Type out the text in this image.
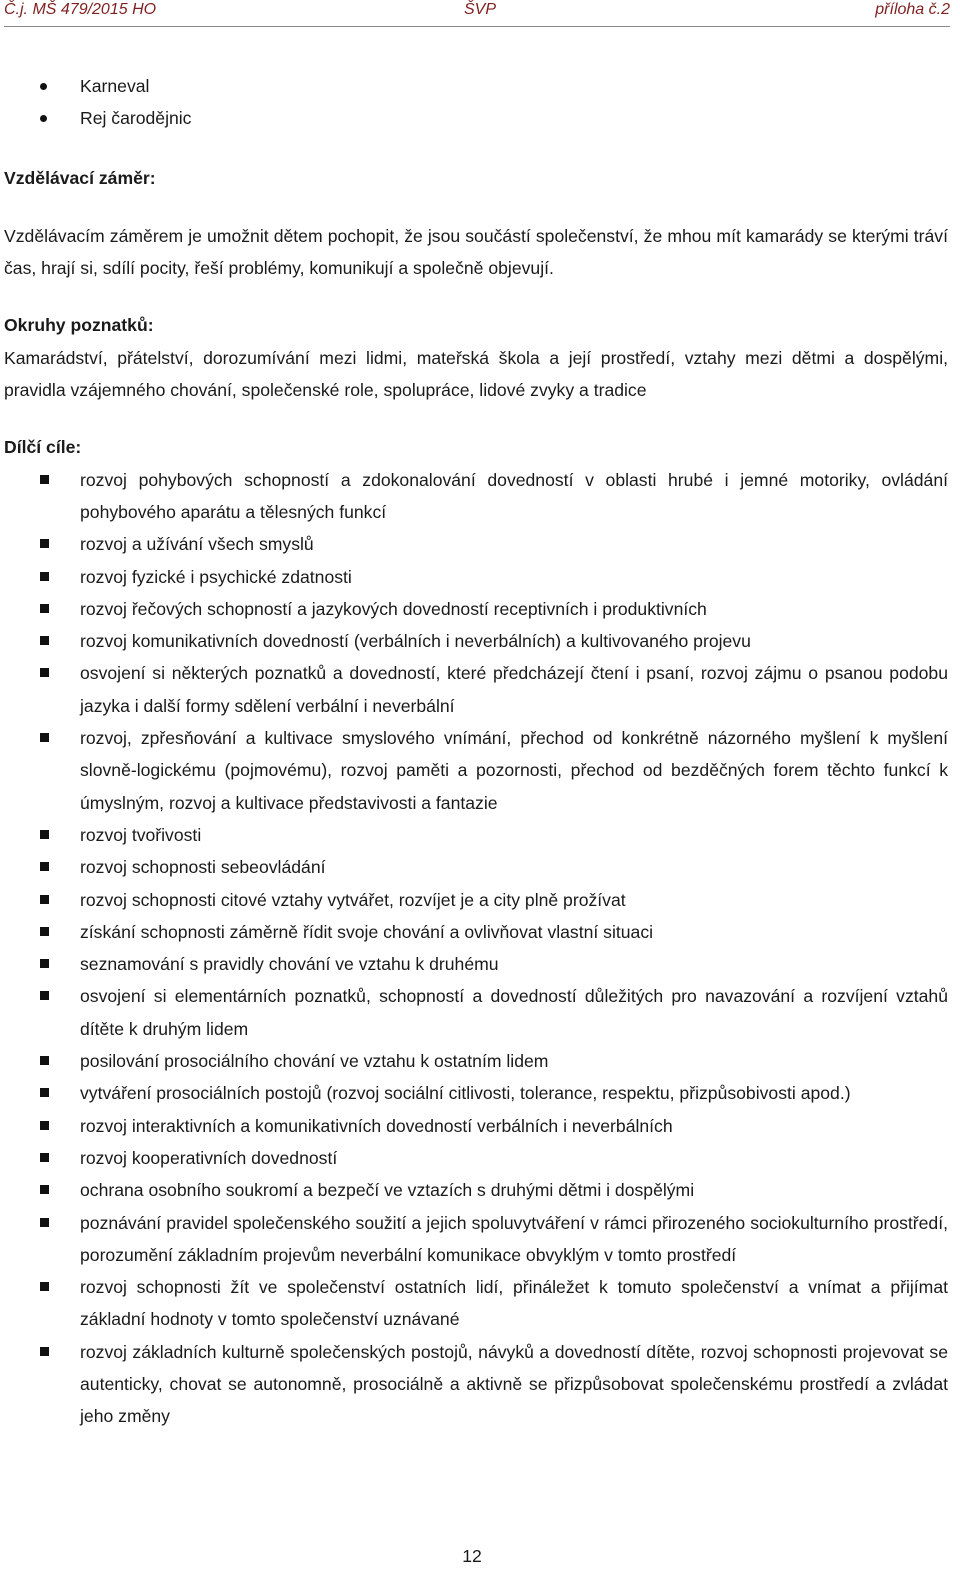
Č.j. MŠ 479/2015 HO	ŠVP	příloha č.2
Karneval
Rej čarodějnic

Vzdělávací záměr:

Vzdělávacím záměrem je umožnit dětem pochopit, že jsou součástí společenství, že mhou mít kamarády se kterými tráví čas, hrají si, sdílí pocity, řeší problémy, komunikují a společně objevují.

Okruhy poznatků:

Kamarádství, přátelství, dorozumívání mezi lidmi, mateřská škola a její prostředí, vztahy mezi dětmi a dospělými, pravidla vzájemného chování, společenské role, spolupráce, lidové zvyky a tradice

Dílčí cíle:

rozvoj pohybových schopností a zdokonalování dovedností v oblasti hrubé i jemné motoriky, ovládání pohybového aparátu a tělesných funkcí
rozvoj a užívání všech smyslů
rozvoj fyzické i psychické zdatnosti
rozvoj řečových schopností a jazykových dovedností receptivních i produktivních
rozvoj komunikativních dovedností (verbálních i neverbálních) a kultivovaného projevu
osvojení si některých poznatků a dovedností, které předcházejí čtení i psaní, rozvoj zájmu o psanou podobu jazyka i další formy sdělení verbální i neverbální
rozvoj, zpřesňování a kultivace smyslového vnímání, přechod od konkrétně názorného myšlení k myšlení slovně-logickému (pojmovému), rozvoj paměti a pozornosti, přechod od bezděčných forem těchto funkcí k úmyslným, rozvoj a kultivace představivosti a fantazie
rozvoj tvořivosti
rozvoj schopnosti sebeovládání
rozvoj schopnosti citové vztahy vytvářet, rozvíjet je a city plně prožívat
získání schopnosti záměrně řídit svoje chování a ovlivňovat vlastní situaci
seznamování s pravidly chování ve vztahu k druhému
osvojení si elementárních poznatků, schopností a dovedností důležitých pro navazování a rozvíjení vztahů dítěte k druhým lidem
posilování prosociálního chování ve vztahu k ostatním lidem
vytváření prosociálních postojů (rozvoj sociální citlivosti, tolerance, respektu, přizpůsobivosti apod.)
rozvoj interaktivních a komunikativních dovedností verbálních i neverbálních
rozvoj kooperativních dovedností
ochrana osobního soukromí a bezpečí ve vztazích s druhými dětmi i dospělými
poznávání pravidel společenského soužití a jejich spoluvytváření v rámci přirozeného sociokulturního prostředí, porozumění základním projevům neverbální komunikace obvyklým v tomto prostředí
rozvoj schopnosti žít ve společenství ostatních lidí, přináležet k tomuto společenství a vnímat a přijímat základní hodnoty v tomto společenství uznávané
rozvoj základních kulturně společenských postojů, návyků a dovedností dítěte, rozvoj schopnosti projevovat se autenticky, chovat se autonomně, prosociálně a aktivně se přizpůsobovat společenskému prostředí a zvládat jeho změny
12
